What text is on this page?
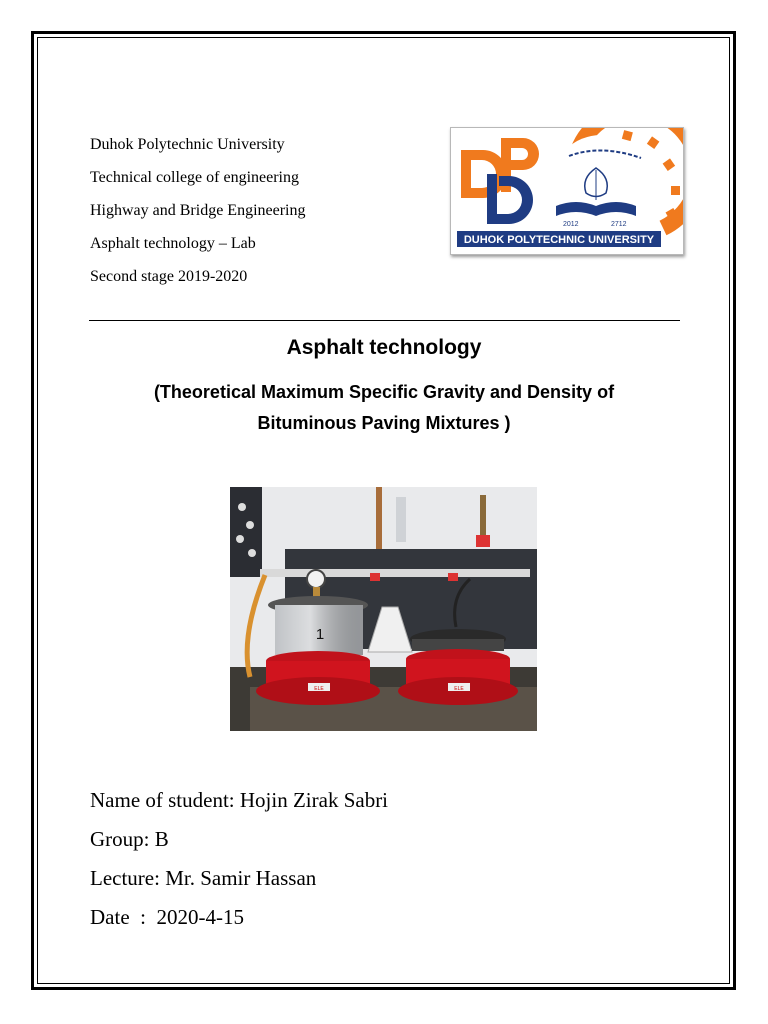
Duhok Polytechnic University
Technical college of engineering
Highway and Bridge Engineering
Asphalt technology – Lab
Second stage 2019-2020
2012	2712
DUHOK POLYTECHNIC UNIVERSITY
Asphalt technology
(Theoretical Maximum Specific Gravity and Density of
Bituminous Paving Mixtures )
1
ELE	ELE
Name of student: Hojin Zirak Sabri
Group: B
Lecture: Mr. Samir Hassan
Date  :  2020-4-15
